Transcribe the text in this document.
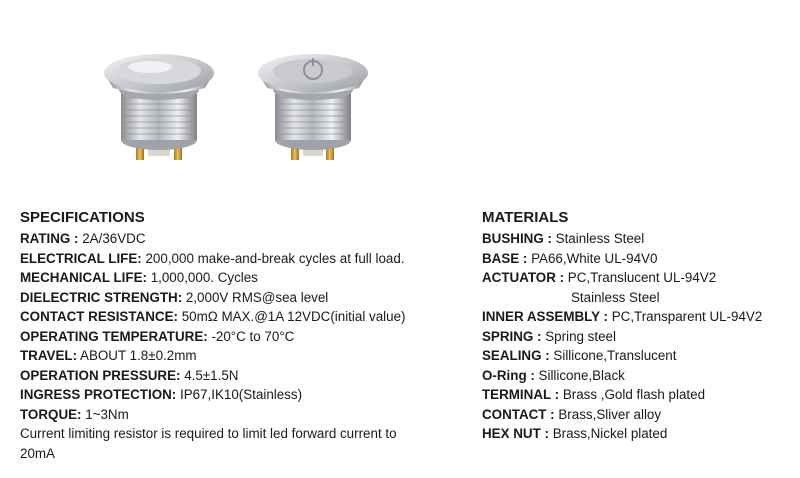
SPECIFICATIONS
RATING : 2A/36VDC
ELECTRICAL LIFE: 200,000 make-and-break cycles at full load.
MECHANICAL LIFE: 1,000,000. Cycles
DIELECTRIC STRENGTH: 2,000V RMS@sea level
CONTACT RESISTANCE: 50mΩ MAX.@1A 12VDC(initial value)
OPERATING TEMPERATURE: -20°C to 70°C
TRAVEL: ABOUT 1.8±0.2mm
OPERATION PRESSURE: 4.5±1.5N
INGRESS PROTECTION: IP67,IK10(Stainless)
TORQUE: 1~3Nm
Current limiting resistor is required to limit led forward current to 20mA
MATERIALS
BUSHING : Stainless Steel
BASE : PA66,White UL-94V0
ACTUATOR : PC,Translucent UL-94V2
Stainless Steel
INNER ASSEMBLY : PC,Transparent UL-94V2
SPRING : Spring steel
SEALING : Sillicone,Translucent
O-Ring : Sillicone,Black
TERMINAL : Brass ,Gold flash plated
CONTACT : Brass,Sliver alloy
HEX NUT : Brass,Nickel plated
